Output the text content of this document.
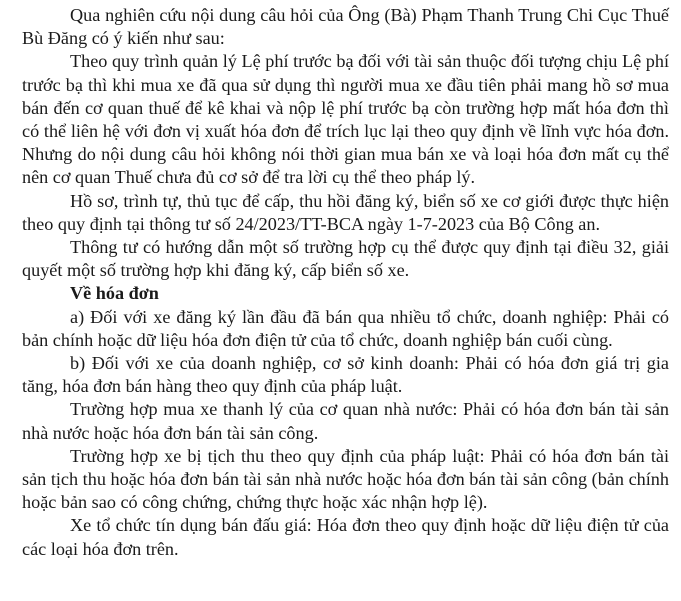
Qua nghiên cứu nội dung câu hỏi của Ông (Bà) Phạm Thanh Trung Chi Cục Thuế Bù Đăng có ý kiến như sau:

Theo quy trình quản lý Lệ phí trước bạ đối với tài sản thuộc đối tượng chịu Lệ phí trước bạ thì khi mua xe đã qua sử dụng thì người mua xe đầu tiên phải mang hồ sơ mua bán đến cơ quan thuế để kê khai và nộp lệ phí trước bạ còn trường hợp mất hóa đơn thì có thể liên hệ với đơn vị xuất hóa đơn để trích lục lại theo quy định về lĩnh vực hóa đơn. Nhưng do nội dung câu hỏi không nói thời gian mua bán xe và loại hóa đơn mất cụ thể nên cơ quan Thuế chưa đủ cơ sở để tra lời cụ thể theo pháp lý.

Hồ sơ, trình tự, thủ tục để cấp, thu hồi đăng ký, biển số xe cơ giới được thực hiện theo quy định tại thông tư số 24/2023/TT-BCA ngày 1-7-2023 của Bộ Công an.

Thông tư có hướng dẫn một số trường hợp cụ thể được quy định tại điều 32, giải quyết một số trường hợp khi đăng ký, cấp biển số xe.

Về hóa đơn

a) Đối với xe đăng ký lần đầu đã bán qua nhiều tổ chức, doanh nghiệp: Phải có bản chính hoặc dữ liệu hóa đơn điện tử của tổ chức, doanh nghiệp bán cuối cùng.

b) Đối với xe của doanh nghiệp, cơ sở kinh doanh: Phải có hóa đơn giá trị gia tăng, hóa đơn bán hàng theo quy định của pháp luật.

Trường hợp mua xe thanh lý của cơ quan nhà nước: Phải có hóa đơn bán tài sản nhà nước hoặc hóa đơn bán tài sản công.

Trường hợp xe bị tịch thu theo quy định của pháp luật: Phải có hóa đơn bán tài sản tịch thu hoặc hóa đơn bán tài sản nhà nước hoặc hóa đơn bán tài sản công (bản chính hoặc bản sao có công chứng, chứng thực hoặc xác nhận hợp lệ).

Xe tổ chức tín dụng bán đấu giá: Hóa đơn theo quy định hoặc dữ liệu điện tử của các loại hóa đơn trên.
